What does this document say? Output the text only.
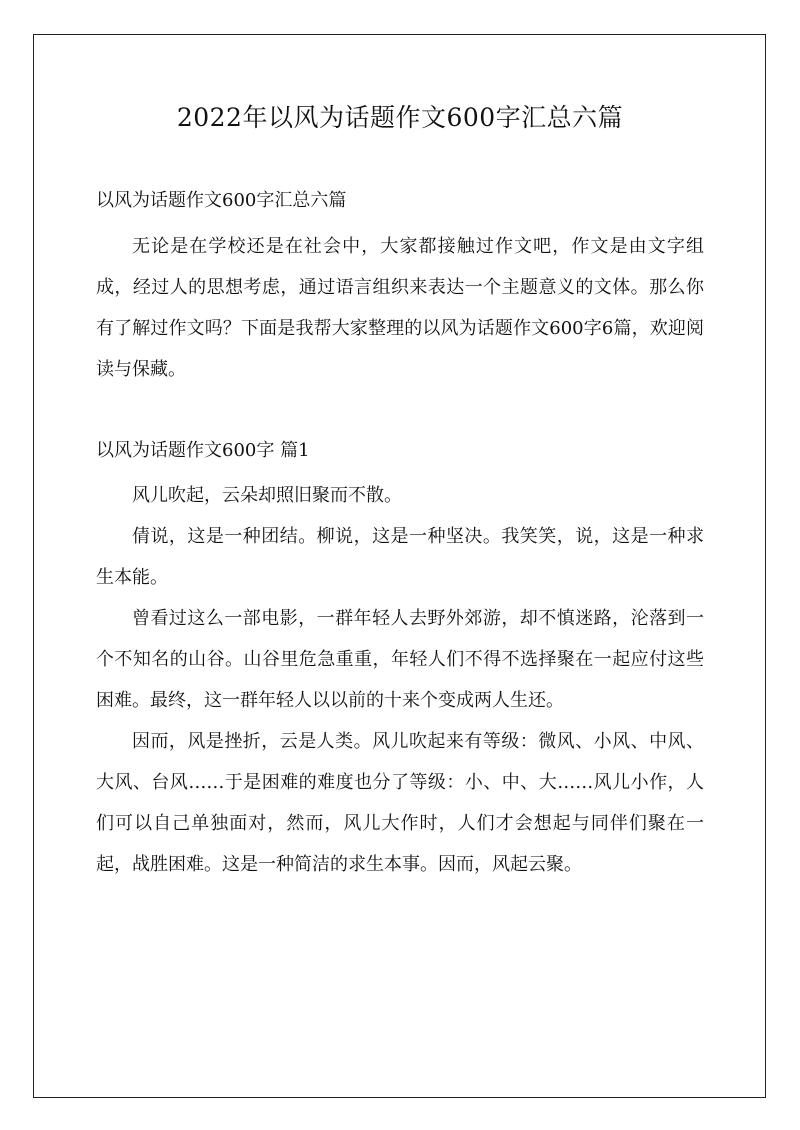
2022年以风为话题作文600字汇总六篇

以风为话题作文600字汇总六篇

无论是在学校还是在社会中，大家都接触过作文吧，作文是由文字组成，经过人的思想考虑，通过语言组织来表达一个主题意义的文体。那么你有了解过作文吗？下面是我帮大家整理的以风为话题作文600字6篇，欢迎阅读与保藏。

以风为话题作文600字 篇1

风儿吹起，云朵却照旧聚而不散。

倩说，这是一种团结。柳说，这是一种坚决。我笑笑，说，这是一种求生本能。

曾看过这么一部电影，一群年轻人去野外郊游，却不慎迷路，沦落到一个不知名的山谷。山谷里危急重重，年轻人们不得不选择聚在一起应付这些困难。最终，这一群年轻人以以前的十来个变成两人生还。

因而，风是挫折，云是人类。风儿吹起来有等级：微风、小风、中风、大风、台风……于是困难的难度也分了等级：小、中、大……风儿小作，人们可以自己单独面对，然而，风儿大作时，人们才会想起与同伴们聚在一起，战胜困难。这是一种简洁的求生本事。因而，风起云聚。
